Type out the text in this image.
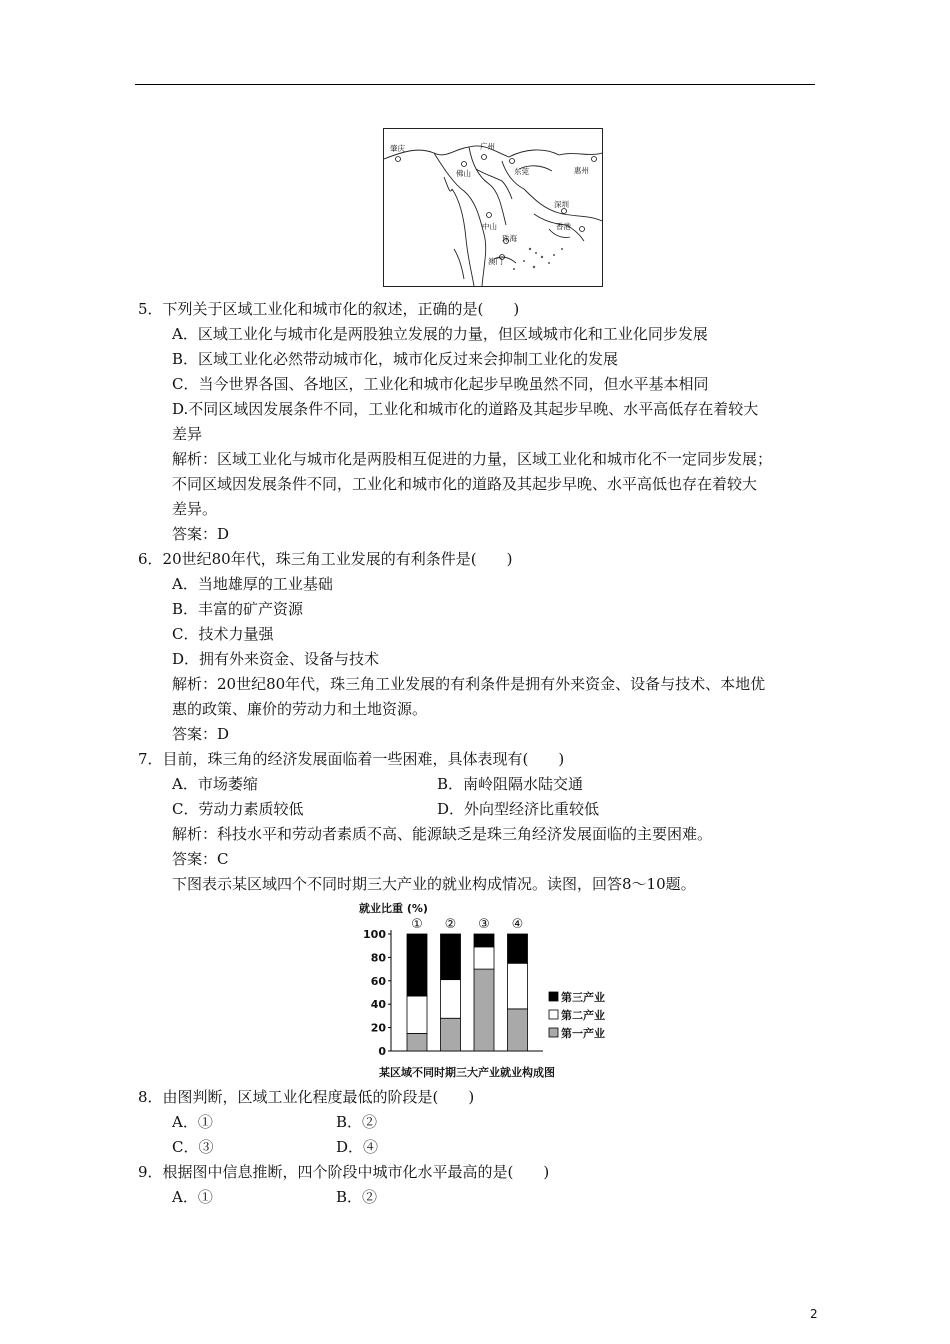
肇庆	广州
佛山	东莞	惠州
深圳
中山
珠海
香港
澳门
5．下列关于区域工业化和城市化的叙述，正确的是(　　)
A．区域工业化与城市化是两股独立发展的力量，但区域城市化和工业化同步发展
B．区域工业化必然带动城市化，城市化反过来会抑制工业化的发展
C．当今世界各国、各地区，工业化和城市化起步早晚虽然不同，但水平基本相同
D.不同区域因发展条件不同，工业化和城市化的道路及其起步早晚、水平高低存在着较大
差异
解析：区域工业化与城市化是两股相互促进的力量，区域工业化和城市化不一定同步发展；
不同区域因发展条件不同，工业化和城市化的道路及其起步早晚、水平高低也存在着较大
差异。
答案：D
6．20世纪80年代，珠三角工业发展的有利条件是(　　)
A．当地雄厚的工业基础
B．丰富的矿产资源
C．技术力量强
D．拥有外来资金、设备与技术
解析：20世纪80年代，珠三角工业发展的有利条件是拥有外来资金、设备与技术、本地优
惠的政策、廉价的劳动力和土地资源。
答案：D
7．目前，珠三角的经济发展面临着一些困难，具体表现有(　　)
A．市场萎缩	B．南岭阻隔水陆交通
C．劳动力素质较低	D．外向型经济比重较低
解析：科技水平和劳动者素质不高、能源缺乏是珠三角经济发展面临的主要困难。
答案：C
下图表示某区域四个不同时期三大产业的就业构成情况。读图，回答8～10题。
8．由图判断，区域工业化程度最低的阶段是(　　)
A．①	B．②
C．③	D．④
9．根据图中信息推断，四个阶段中城市化水平最高的是(　　)
A．①	B．②
就业比重 (%)
0
20
40
60
80
100
① ② ③ ④
第三产业
第二产业
第一产业
某区域不同时期三大产业就业构成图
2
